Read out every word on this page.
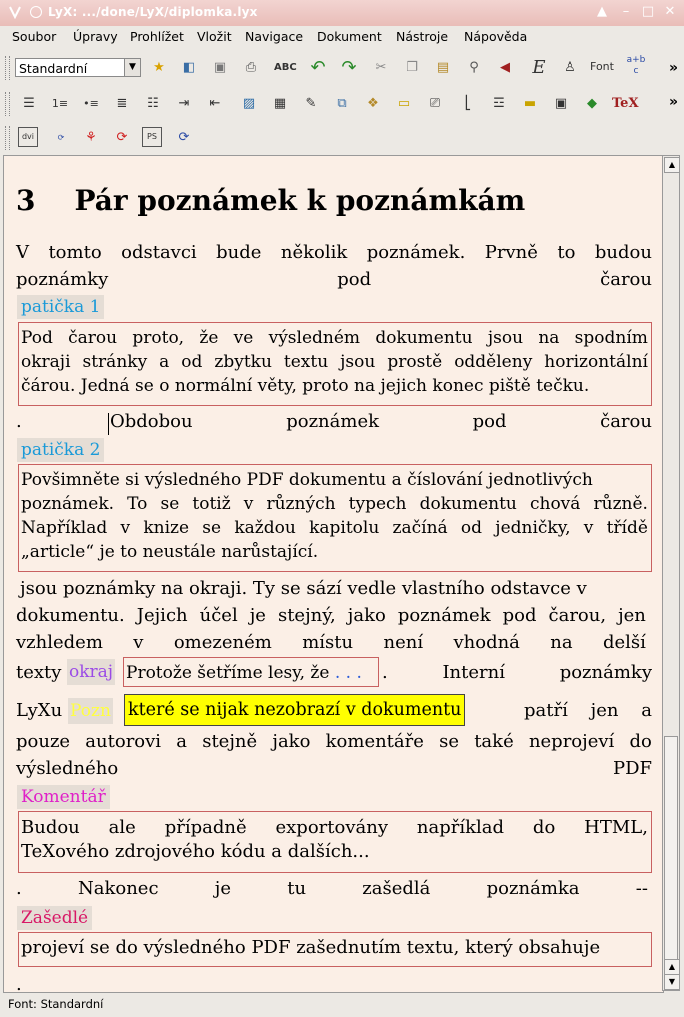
LyX: .../done/LyX/diplomka.lyx	▲	– □ ✕
Soubor Úpravy Prohlížet Vložit Navigace Dokument Nástroje Nápověda
Standardní	▼	★	◧	▣	⎙	ABC ↶ ↷	✂	❐	▤	⚲	◀	E	♙	Font	a+b
c	»
☰	1≡ •≡	≣	☷	⇥	⇤	▨	▦	✎	⧉	❖	▭	⎚	⎣	☲	▬	▣	◆	TeX »
dvi	⟳	⚘	⟳	PS	⟳
3 Pár poznámek k poznámkám
V tomto odstavci bude několik poznámek. Prvně to budou
poznámky	pod	čarou
patička 1
Pod čarou proto, že ve výsledném dokumentu jsou na spodním
okraji stránky a od zbytku textu jsou prostě odděleny horizontální
čárou. Jedná se o normální věty, proto na jejich konec piště tečku.
.	Obdobou	poznámek	pod	čarou
patička 2
Povšimněte si výsledného PDF dokumentu a číslování jednotlivých
poznámek. To se totiž v různých typech dokumentu chová různě.
Například v knize se každou kapitolu začíná od jedničky, v třídě
„article“ je to neustále narůstající.
jsou poznámky na okraji. Ty se sází vedle vlastního odstavce v
dokumentu. Jejich účel je stejný, jako poznámek pod čarou, jen
vzhledem v omezeném místu není vhodná na delší
texty okraj Protože šetříme lesy, že . . .	.	Interní	poznámky
LyXu Pozn které se nijak nezobrazí v dokumentu	patří jen a
pouze autorovi a stejně jako komentáře se také neprojeví do
výsledného	PDF
Komentář
Budou ale případně exportovány například do HTML,
TeXového zdrojového kódu a dalších...
.	Nakonec	je	tu	zašedlá	poznámka	--
Zašedlé
projeví se do výsledného PDF zašednutím textu, který obsahuje
.
▲
▲
▼
Font: Standardní
